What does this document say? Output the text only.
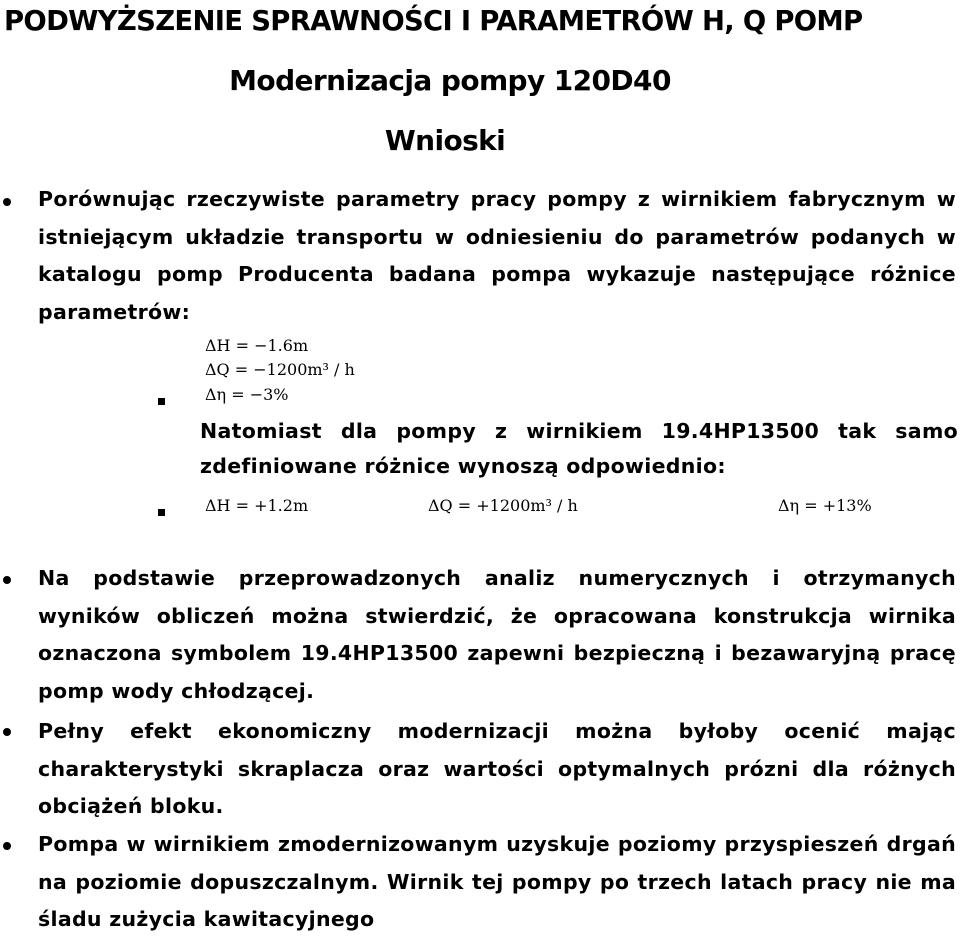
PODWYŻSZENIE SPRAWNOŚCI I PARAMETRÓW H, Q POMP
Modernizacja pompy 120D40
Wnioski

Porównując rzeczywiste parametry pracy pompy z wirnikiem fabrycznym w istniejącym układzie transportu w odniesieniu do parametrów podanych w katalogu pomp Producenta badana pompa wykazuje następujące różnice parametrów:

ΔH = −1.6m
ΔQ = −1200m³ / h
Δη = −3%

Natomiast dla pompy z wirnikiem 19.4HP13500 tak samo zdefiniowane różnice wynoszą odpowiednio:

ΔH = +1.2m	ΔQ = +1200m³ / h	Δη = +13%

Na podstawie przeprowadzonych analiz numerycznych i otrzymanych wyników obliczeń można stwierdzić, że opracowana konstrukcja wirnika oznaczona symbolem 19.4HP13500 zapewni bezpieczną i bezawaryjną pracę pomp wody chłodzącej.

Pełny efekt ekonomiczny modernizacji można byłoby ocenić mając charakterystyki skraplacza oraz wartości optymalnych prózni dla różnych obciążeń bloku.

Pompa w wirnikiem zmodernizowanym uzyskuje poziomy przyspieszeń drgań na poziomie dopuszczalnym. Wirnik tej pompy po trzech latach pracy nie ma śladu zużycia kawitacyjnego
